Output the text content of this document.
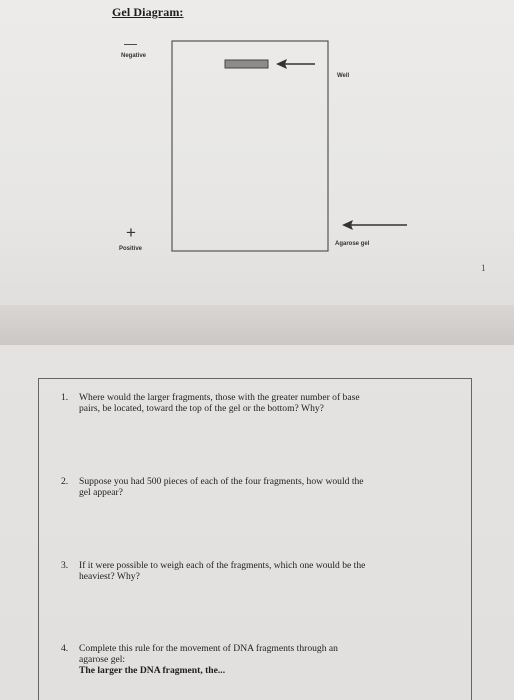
Gel Diagram:
—
+
Negative
Positive
Well
Agarose gel
1
1. Where would the larger fragments, those with the greater number of base
pairs, be located, toward the top of the gel or the bottom? Why?
2. Suppose you had 500 pieces of each of the four fragments, how would the
gel appear?
3. If it were possible to weigh each of the fragments, which one would be the
heaviest? Why?
4. Complete this rule for the movement of DNA fragments through an
agarose gel:
The larger the DNA fragment, the...
